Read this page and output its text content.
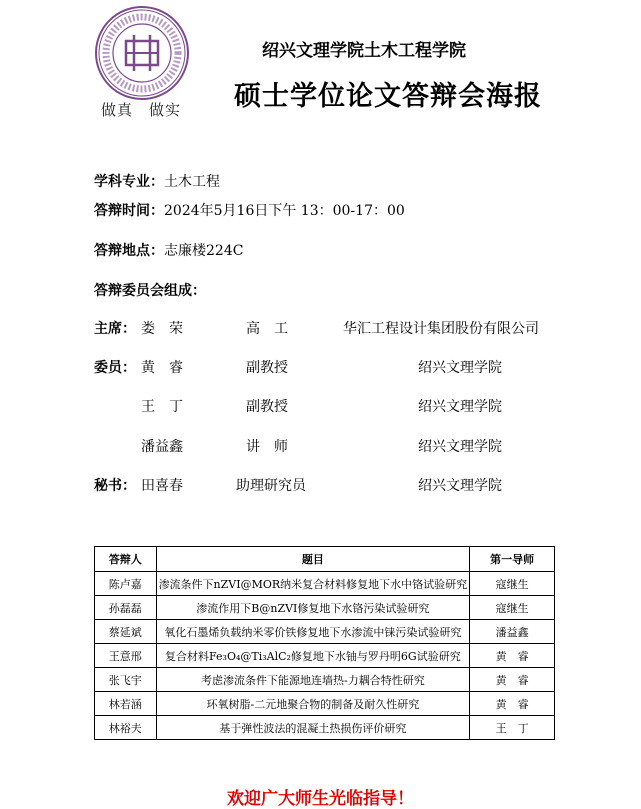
做真　做实
绍兴文理学院土木工程学院
硕士学位论文答辩会海报
学科专业：土木工程
答辩时间：2024年5月16日下午 13：00-17：00
答辩地点：志廉楼224C
答辩委员会组成：
主席： 娄　荣	高　工	华汇工程设计集团股份有限公司
委员： 黄　睿	副教授	绍兴文理学院
王　丁	副教授	绍兴文理学院
潘益鑫	讲　师	绍兴文理学院
秘书： 田喜春	助理研究员	绍兴文理学院
答辩人	题目	第一导师
陈卢嘉	渗流条件下nZVI@MOR纳米复合材料修复地下水中铬试验研究	寇继生
孙磊磊	渗流作用下B@nZVI修复地下水铬污染试验研究	寇继生
蔡延斌	氧化石墨烯负载纳米零价铁修复地下水渗流中铼污染试验研究	潘益鑫
王意邢	复合材料Fe₃O₄@Ti₃AlC₂修复地下水铀与罗丹明6G试验研究	黄　睿
张飞宇	考虑渗流条件下能源地连墙热-力耦合特性研究	黄　睿
林若涵	环氧树脂-二元地聚合物的制备及耐久性研究	黄　睿
林裕夫	基于弹性波法的混凝土热损伤评价研究	王　丁
欢迎广大师生光临指导！
